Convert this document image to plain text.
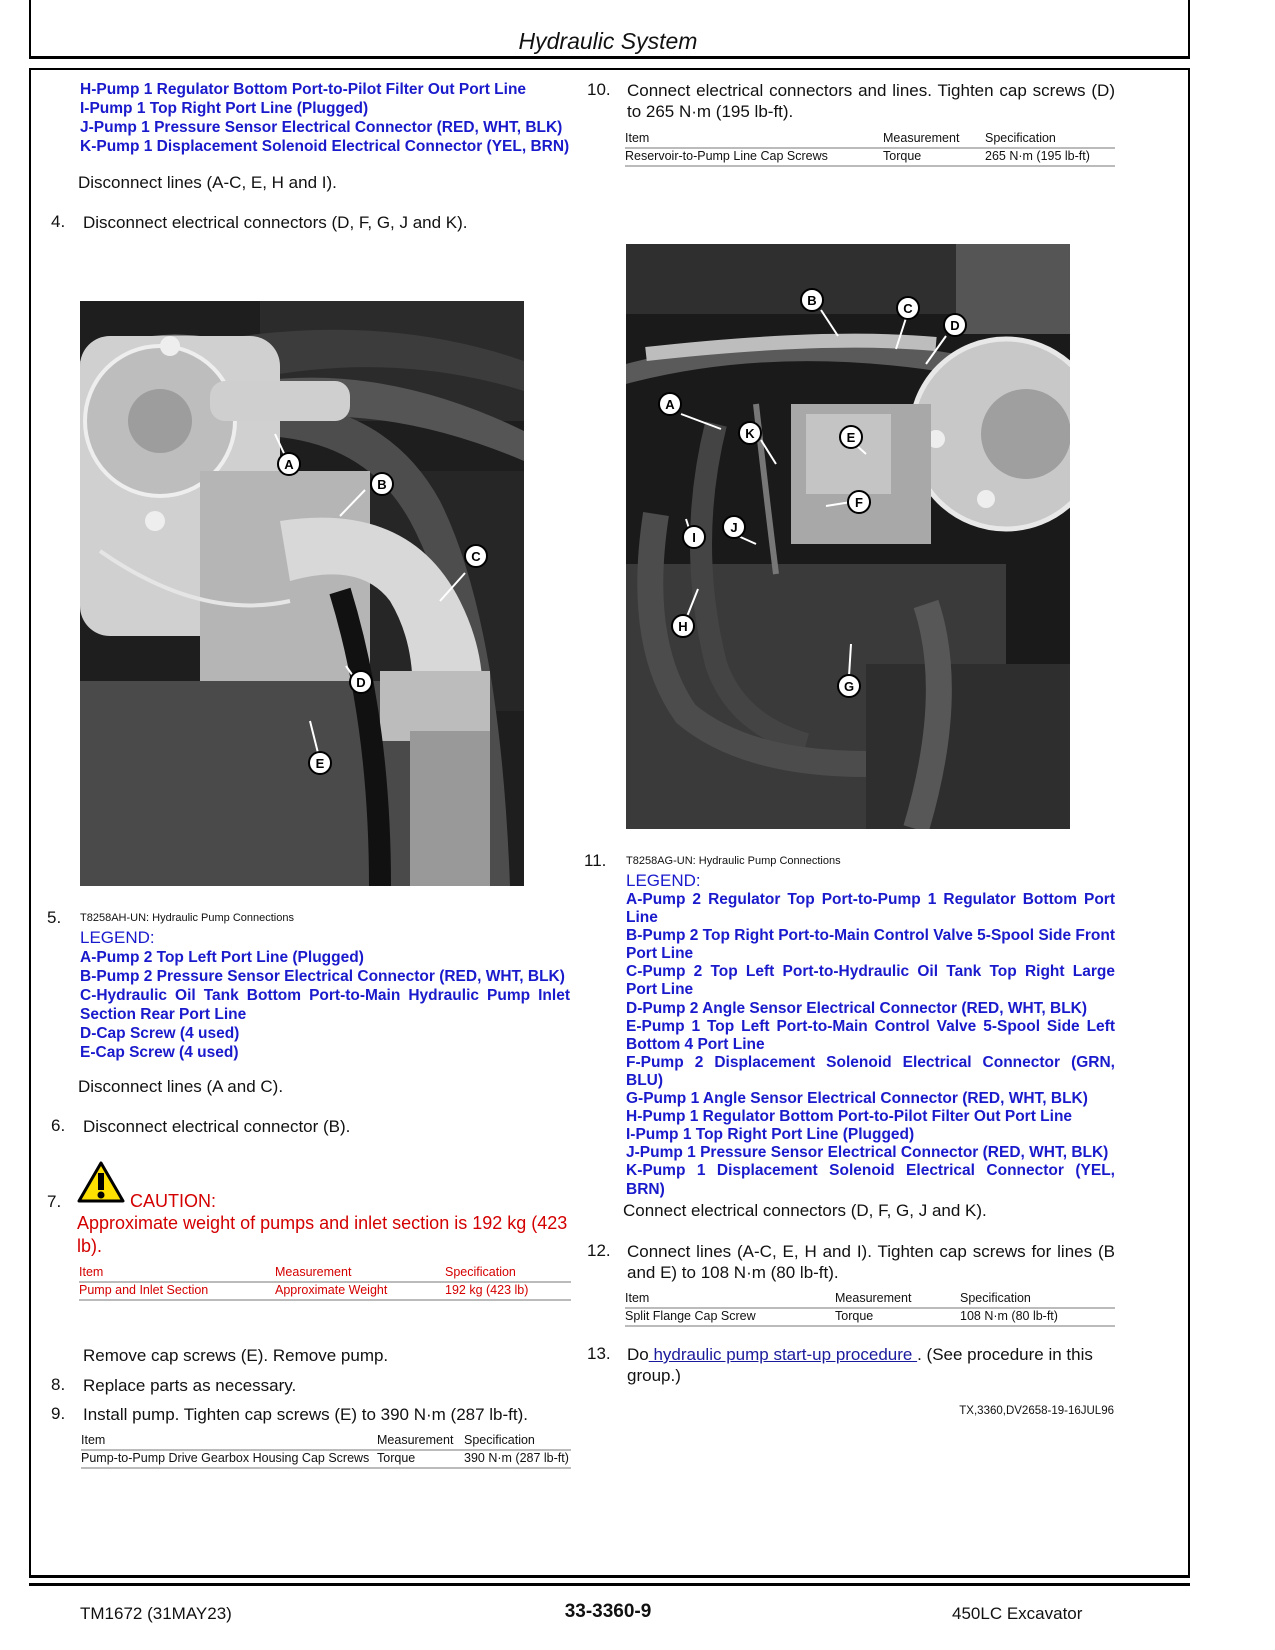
Hydraulic System
H-Pump 1 Regulator Bottom Port-to-Pilot Filter Out Port Line
I-Pump 1 Top Right Port Line (Plugged)
J-Pump 1 Pressure Sensor Electrical Connector (RED, WHT, BLK)
K-Pump 1 Displacement Solenoid Electrical Connector (YEL, BRN)
Disconnect lines (A-C, E, H and I).
4. Disconnect electrical connectors (D, F, G, J and K).
A
B
C
D
E
5. T8258AH-UN: Hydraulic Pump Connections
LEGEND:
A-Pump 2 Top Left Port Line (Plugged)
B-Pump 2 Pressure Sensor Electrical Connector (RED, WHT, BLK)
C-Hydraulic Oil Tank Bottom Port-to-Main Hydraulic Pump Inlet Section Rear Port Line
D-Cap Screw (4 used)
E-Cap Screw (4 used)
Disconnect lines (A and C).
6. Disconnect electrical connector (B).
7.	CAUTION:
Approximate weight of pumps and inlet section is 192 kg (423 lb).
Item	Measurement	Specification
Pump and Inlet Section	Approximate Weight	192 kg (423 lb)
Remove cap screws (E). Remove pump.
8. Replace parts as necessary.
9. Install pump. Tighten cap screws (E) to 390 N·m (287 lb-ft).
Item	Measurement	Specification
Pump-to-Pump Drive Gearbox Housing Cap Screws	Torque	390 N·m (287 lb-ft)
10. Connect electrical connectors and lines. Tighten cap screws (D) to 265 N·m (195 lb-ft).
Item	Measurement	Specification
Reservoir-to-Pump Line Cap Screws	Torque	265 N·m (195 lb-ft)
A
B
C
D
E
F
G
H
I
J
K
11. T8258AG-UN: Hydraulic Pump Connections
LEGEND:
A-Pump 2 Regulator Top Port-to-Pump 1 Regulator Bottom Port Line
B-Pump 2 Top Right Port-to-Main Control Valve 5-Spool Side Front Port Line
C-Pump 2 Top Left Port-to-Hydraulic Oil Tank Top Right Large Port Line
D-Pump 2 Angle Sensor Electrical Connector (RED, WHT, BLK)
E-Pump 1 Top Left Port-to-Main Control Valve 5-Spool Side Left Bottom 4 Port Line
F-Pump 2 Displacement Solenoid Electrical Connector (GRN, BLU)
G-Pump 1 Angle Sensor Electrical Connector (RED, WHT, BLK)
H-Pump 1 Regulator Bottom Port-to-Pilot Filter Out Port Line
I-Pump 1 Top Right Port Line (Plugged)
J-Pump 1 Pressure Sensor Electrical Connector (RED, WHT, BLK)
K-Pump 1 Displacement Solenoid Electrical Connector (YEL, BRN)
Connect electrical connectors (D, F, G, J and K).
12. Connect lines (A-C, E, H and I). Tighten cap screws for lines (B and E) to 108 N·m (80 lb-ft).
Item	Measurement	Specification
Split Flange Cap Screw	Torque	108 N·m (80 lb-ft)
13. Do hydraulic pump start-up procedure . (See procedure in this group.)
TX,3360,DV2658-19-16JUL96
TM1672 (31MAY23)	33-3360-9	450LC Excavator
